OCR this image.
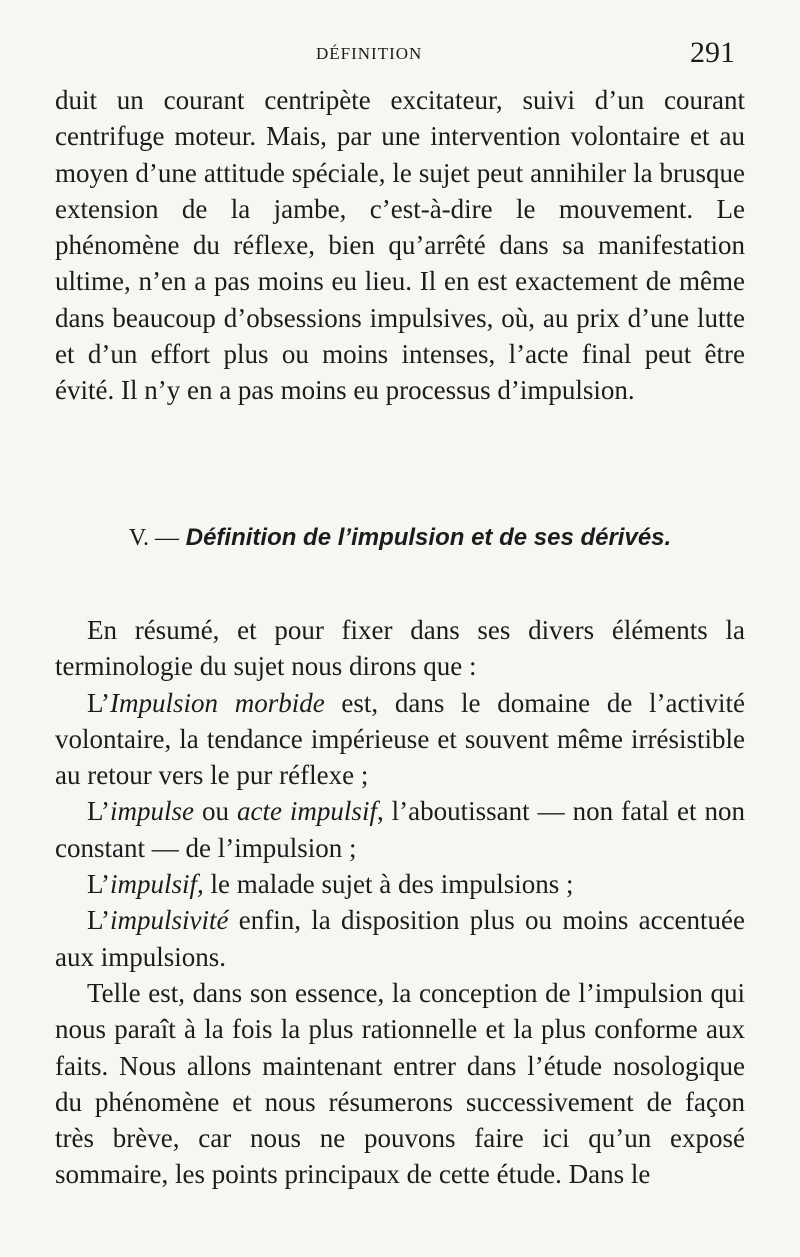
DÉFINITION	291

duit un courant centripète excitateur, suivi d’un courant centrifuge moteur. Mais, par une intervention volontaire et au moyen d’une attitude spéciale, le sujet peut annihiler la brusque extension de la jambe, c’est-à-dire le mouvement. Le phénomène du réflexe, bien qu’arrêté dans sa manifestation ultime, n’en a pas moins eu lieu. Il en est exactement de même dans beaucoup d’obsessions impulsives, où, au prix d’une lutte et d’un effort plus ou moins intenses, l’acte final peut être évité. Il n’y en a pas moins eu processus d’impulsion.

V. — Définition de l’impulsion et de ses dérivés.

En résumé, et pour fixer dans ses divers éléments la terminologie du sujet nous dirons que :

L’Impulsion morbide est, dans le domaine de l’activité volontaire, la tendance impérieuse et souvent même irrésistible au retour vers le pur réflexe ;

L’impulse ou acte impulsif, l’aboutissant — non fatal et non constant — de l’impulsion ;

L’impulsif, le malade sujet à des impulsions ;

L’impulsivité enfin, la disposition plus ou moins accentuée aux impulsions.

Telle est, dans son essence, la conception de l’impulsion qui nous paraît à la fois la plus rationnelle et la plus conforme aux faits. Nous allons maintenant entrer dans l’étude nosologique du phénomène et nous résumerons successivement de façon très brève, car nous ne pouvons faire ici qu’un exposé sommaire, les points principaux de cette étude. Dans le
